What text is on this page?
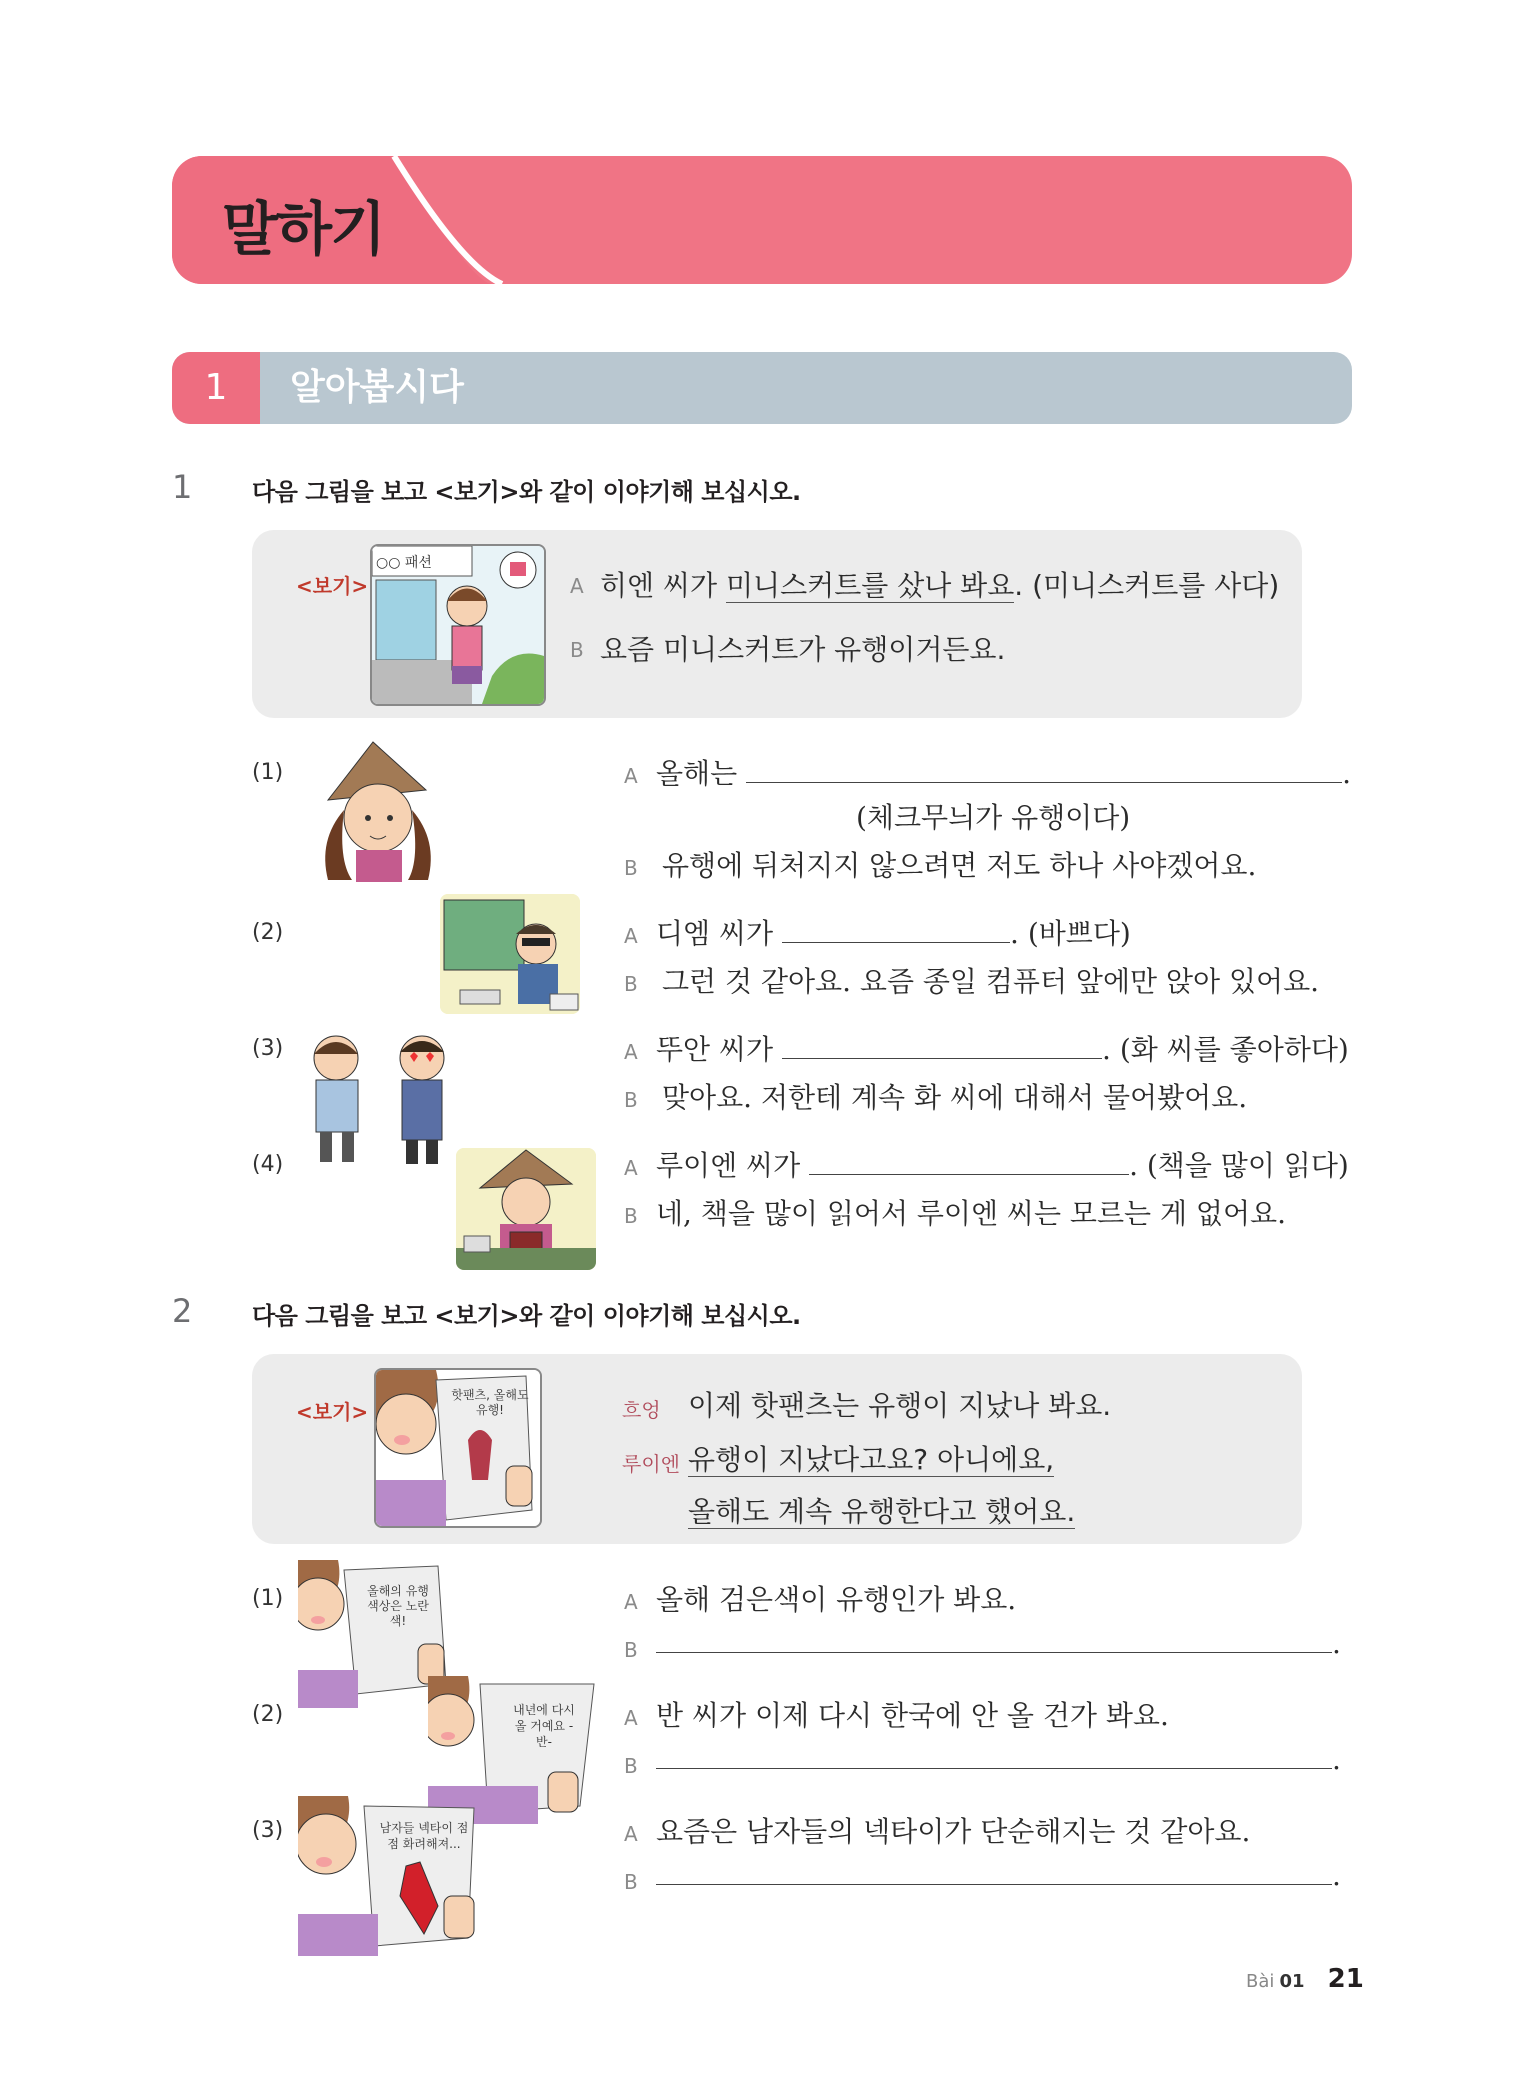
말하기
1	알아봅시다
1 다음 그림을 보고 <보기>와 같이 이야기해 보십시오.
<보기>
○○ 패션
A 히엔 씨가 미니스커트를 샀나 봐요. (미니스커트를 사다)
B 요즘 미니스커트가 유행이거든요.
(1)	A 올해는	.
(체크무늬가 유행이다)
B 유행에 뒤처지지 않으려면 저도 하나 사야겠어요.
(2)	A 디엠 씨가	. (바쁘다)
B 그런 것 같아요. 요즘 종일 컴퓨터 앞에만 앉아 있어요.
(3)	A 뚜안 씨가	. (화 씨를 좋아하다)
B 맞아요. 저한테 계속 화 씨에 대해서 물어봤어요.
(4)	A 루이엔 씨가	. (책을 많이 읽다)
B 네, 책을 많이 읽어서 루이엔 씨는 모르는 게 없어요.
2 다음 그림을 보고 <보기>와 같이 이야기해 보십시오.
<보기>
핫팬츠, 올해도 유행!	흐엉 이제 핫팬츠는 유행이 지났나 봐요.
루이엔 유행이 지났다고요? 아니에요,
올해도 계속 유행한다고 했어요.
(1)	올해의 유행 색상은 노란색!
A 올해 검은색이 유행인가 봐요.
B	.
(2)	내년에 다시 올 거예요 -반-
A 반 씨가 이제 다시 한국에 안 올 건가 봐요.
B	.
(3)	남자들 넥타이 점점 화려해져...	A 요즘은 남자들의 넥타이가 단순해지는 것 같아요.
B	.
Bài 01 21
